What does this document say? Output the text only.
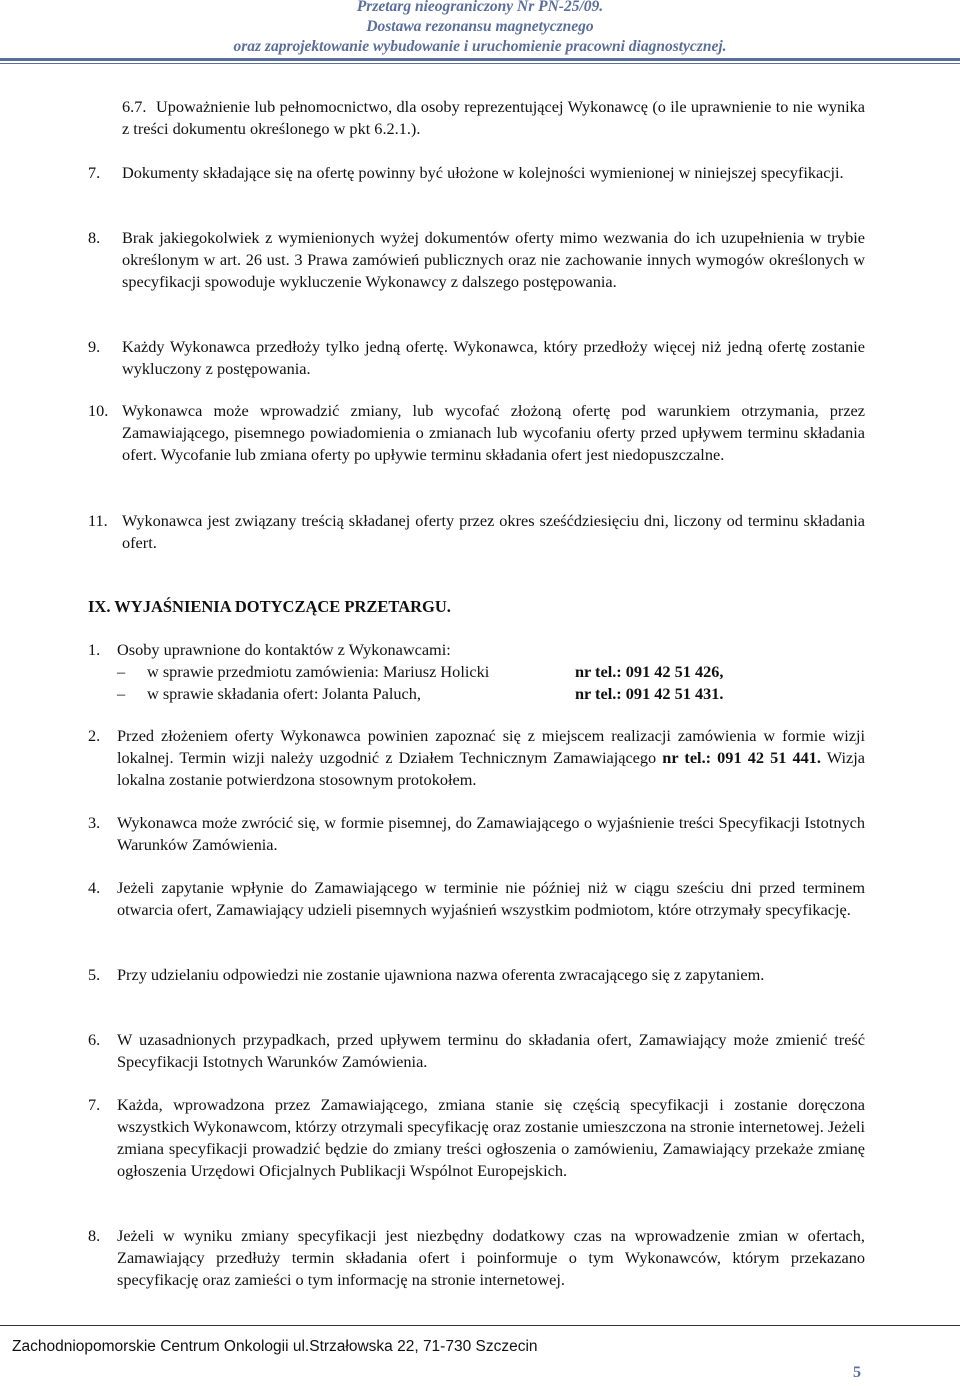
Przetarg nieograniczony Nr PN-25/09.
Dostawa rezonansu magnetycznego
oraz zaprojektowanie wybudowanie i uruchomienie pracowni diagnostycznej.
6.7. Upoważnienie lub pełnomocnictwo, dla osoby reprezentującej Wykonawcę (o ile uprawnienie to nie wynika z treści dokumentu określonego w pkt 6.2.1.).

7. Dokumenty składające się na ofertę powinny być ułożone w kolejności wymienionej w niniejszej specyfikacji.

8. Brak jakiegokolwiek z wymienionych wyżej dokumentów oferty mimo wezwania do ich uzupełnienia w trybie określonym w art. 26 ust. 3 Prawa zamówień publicznych oraz nie zachowanie innych wymogów określonych w specyfikacji spowoduje wykluczenie Wykonawcy z dalszego postępowania.

9. Każdy Wykonawca przedłoży tylko jedną ofertę. Wykonawca, który przedłoży więcej niż jedną ofertę zostanie wykluczony z postępowania.

10. Wykonawca może wprowadzić zmiany, lub wycofać złożoną ofertę pod warunkiem otrzymania, przez Zamawiającego, pisemnego powiadomienia o zmianach lub wycofaniu oferty przed upływem terminu składania ofert. Wycofanie lub zmiana oferty po upływie terminu składania ofert jest niedopuszczalne.

11. Wykonawca jest związany treścią składanej oferty przez okres sześćdziesięciu dni, liczony od terminu składania ofert.

IX. WYJAŚNIENIA DOTYCZĄCE PRZETARGU.
1. Osoby uprawnione do kontaktów z Wykonawcami:

– w sprawie przedmiotu zamówienia: Mariusz Holicki	nr tel.: 091 42 51 426,
– w sprawie składania ofert: Jolanta Paluch,	nr tel.: 091 42 51 431.
2. Przed złożeniem oferty Wykonawca powinien zapoznać się z miejscem realizacji zamówienia w formie wizji lokalnej. Termin wizji należy uzgodnić z Działem Technicznym Zamawiającego nr tel.: 091 42 51 441. Wizja lokalna zostanie potwierdzona stosownym protokołem.

3. Wykonawca może zwrócić się, w formie pisemnej, do Zamawiającego o wyjaśnienie treści Specyfikacji Istotnych Warunków Zamówienia.

4. Jeżeli zapytanie wpłynie do Zamawiającego w terminie nie później niż w ciągu sześciu dni przed terminem otwarcia ofert, Zamawiający udzieli pisemnych wyjaśnień wszystkim podmiotom, które otrzymały specyfikację.

5. Przy udzielaniu odpowiedzi nie zostanie ujawniona nazwa oferenta zwracającego się z zapytaniem.

6. W uzasadnionych przypadkach, przed upływem terminu do składania ofert, Zamawiający może zmienić treść Specyfikacji Istotnych Warunków Zamówienia.

7. Każda, wprowadzona przez Zamawiającego, zmiana stanie się częścią specyfikacji i zostanie doręczona wszystkich Wykonawcom, którzy otrzymali specyfikację oraz zostanie umieszczona na stronie internetowej. Jeżeli zmiana specyfikacji prowadzić będzie do zmiany treści ogłoszenia o zamówieniu, Zamawiający przekaże zmianę ogłoszenia Urzędowi Oficjalnych Publikacji Wspólnot Europejskich.

8. Jeżeli w wyniku zmiany specyfikacji jest niezbędny dodatkowy czas na wprowadzenie zmian w ofertach, Zamawiający przedłuży termin składania ofert i poinformuje o tym Wykonawców, którym przekazano specyfikację oraz zamieści o tym informację na stronie internetowej.

Zachodniopomorskie Centrum Onkologii ul.Strzałowska 22, 71-730 Szczecin
5
